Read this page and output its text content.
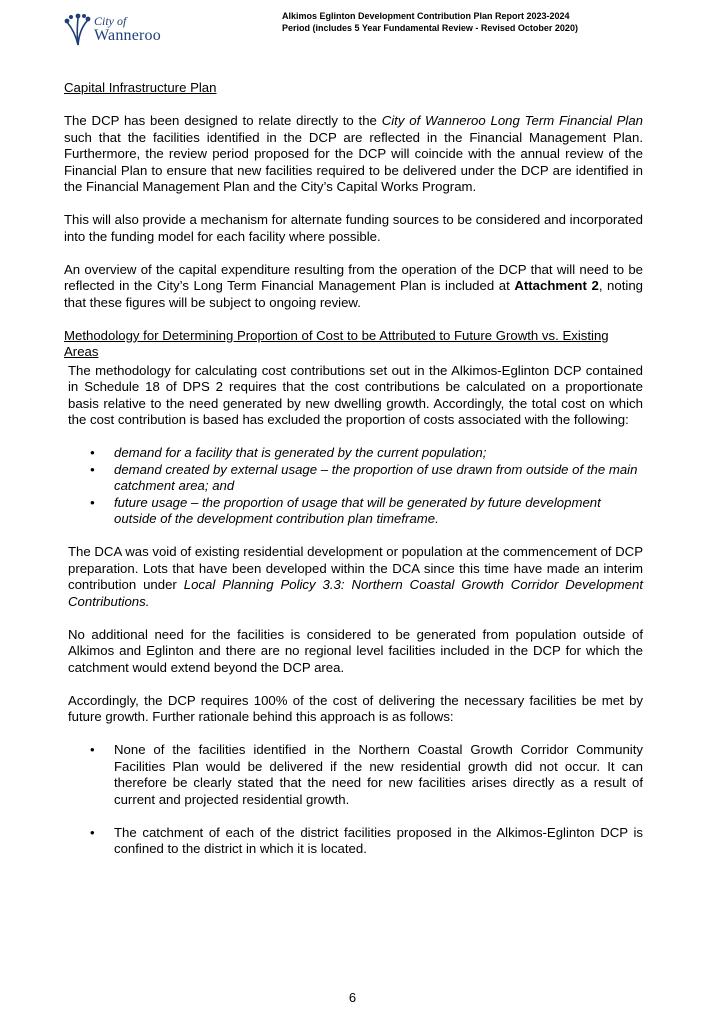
City of
Wanneroo
Alkimos Eglinton Development Contribution Plan Report 2023-2024
Period (includes 5 Year Fundamental Review - Revised October 2020)

Capital Infrastructure Plan

The DCP has been designed to relate directly to the City of Wanneroo Long Term Financial Plan such that the facilities identified in the DCP are reflected in the Financial Management Plan. Furthermore, the review period proposed for the DCP will coincide with the annual review of the Financial Plan to ensure that new facilities required to be delivered under the DCP are identified in the Financial Management Plan and the City’s Capital Works Program.

This will also provide a mechanism for alternate funding sources to be considered and incorporated into the funding model for each facility where possible.

An overview of the capital expenditure resulting from the operation of the DCP that will need to be reflected in the City’s Long Term Financial Management Plan is included at Attachment 2, noting that these figures will be subject to ongoing review.

Methodology for Determining Proportion of Cost to be Attributed to Future Growth vs. Existing Areas

The methodology for calculating cost contributions set out in the Alkimos-Eglinton DCP contained in Schedule 18 of DPS 2 requires that the cost contributions be calculated on a proportionate basis relative to the need generated by new dwelling growth. Accordingly, the total cost on which the cost contribution is based has excluded the proportion of costs associated with the following:

• demand for a facility that is generated by the current population;
• demand created by external usage – the proportion of use drawn from outside of the main catchment area; and
• future usage – the proportion of usage that will be generated by future development outside of the development contribution plan timeframe.

The DCA was void of existing residential development or population at the commencement of DCP preparation. Lots that have been developed within the DCA since this time have made an interim contribution under Local Planning Policy 3.3: Northern Coastal Growth Corridor Development Contributions.

No additional need for the facilities is considered to be generated from population outside of Alkimos and Eglinton and there are no regional level facilities included in the DCP for which the catchment would extend beyond the DCP area.

Accordingly, the DCP requires 100% of the cost of delivering the necessary facilities be met by future growth. Further rationale behind this approach is as follows:

• None of the facilities identified in the Northern Coastal Growth Corridor Community Facilities Plan would be delivered if the new residential growth did not occur. It can therefore be clearly stated that the need for new facilities arises directly as a result of current and projected residential growth.
• The catchment of each of the district facilities proposed in the Alkimos-Eglinton DCP is confined to the district in which it is located.
6
